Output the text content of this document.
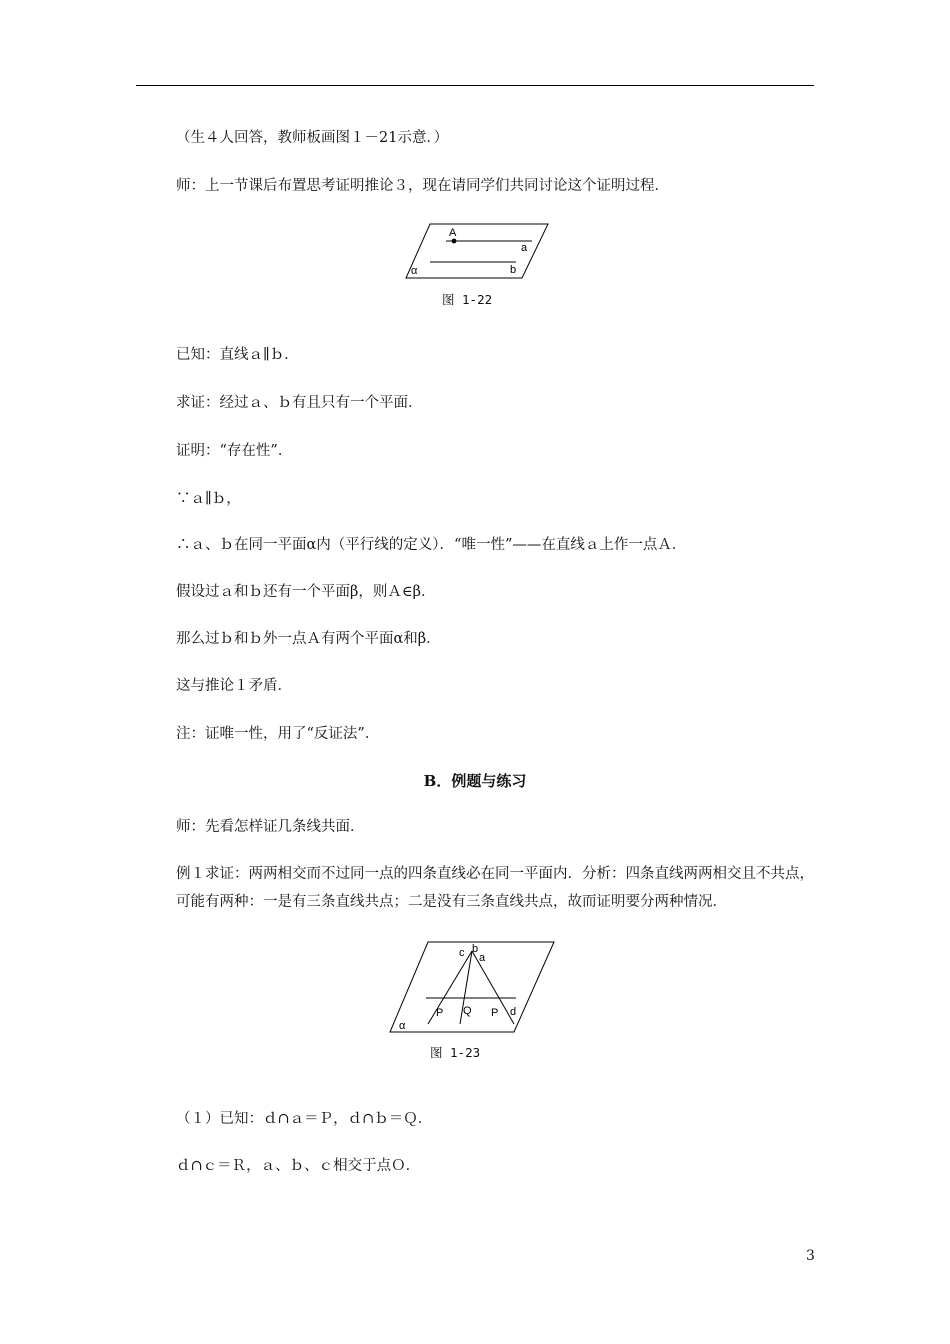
（生４人回答，教师板画图１－21示意．）
师：上一节课后布置思考证明推论３，现在请同学们共同讨论这个证明过程．
A
a
b
α
图 1-22
已知：直线ａ∥ｂ．
求证：经过ａ、ｂ有且只有一个平面．
证明：“存在性”．
∵ａ∥ｂ，
∴ａ、ｂ在同一平面α内（平行线的定义）．“唯一性”——在直线ａ上作一点Ａ．
假设过ａ和ｂ还有一个平面β，则Ａ∈β．
那么过ｂ和ｂ外一点Ａ有两个平面α和β．
这与推论１矛盾．
注：证唯一性，用了“反证法”．
B．例题与练习
师：先看怎样证几条线共面．
例１求证：两两相交而不过同一点的四条直线必在同一平面内．分析：四条直线两两相交且不共点，可能有两种：一是有三条直线共点；二是没有三条直线共点，故而证明要分两种情况．
c b
a
P Q P d
α
图 1-23
（１）已知：ｄ∩ａ＝Ｐ，ｄ∩ｂ＝Ｑ．
ｄ∩ｃ＝Ｒ，ａ、ｂ、ｃ相交于点Ｏ．
3
